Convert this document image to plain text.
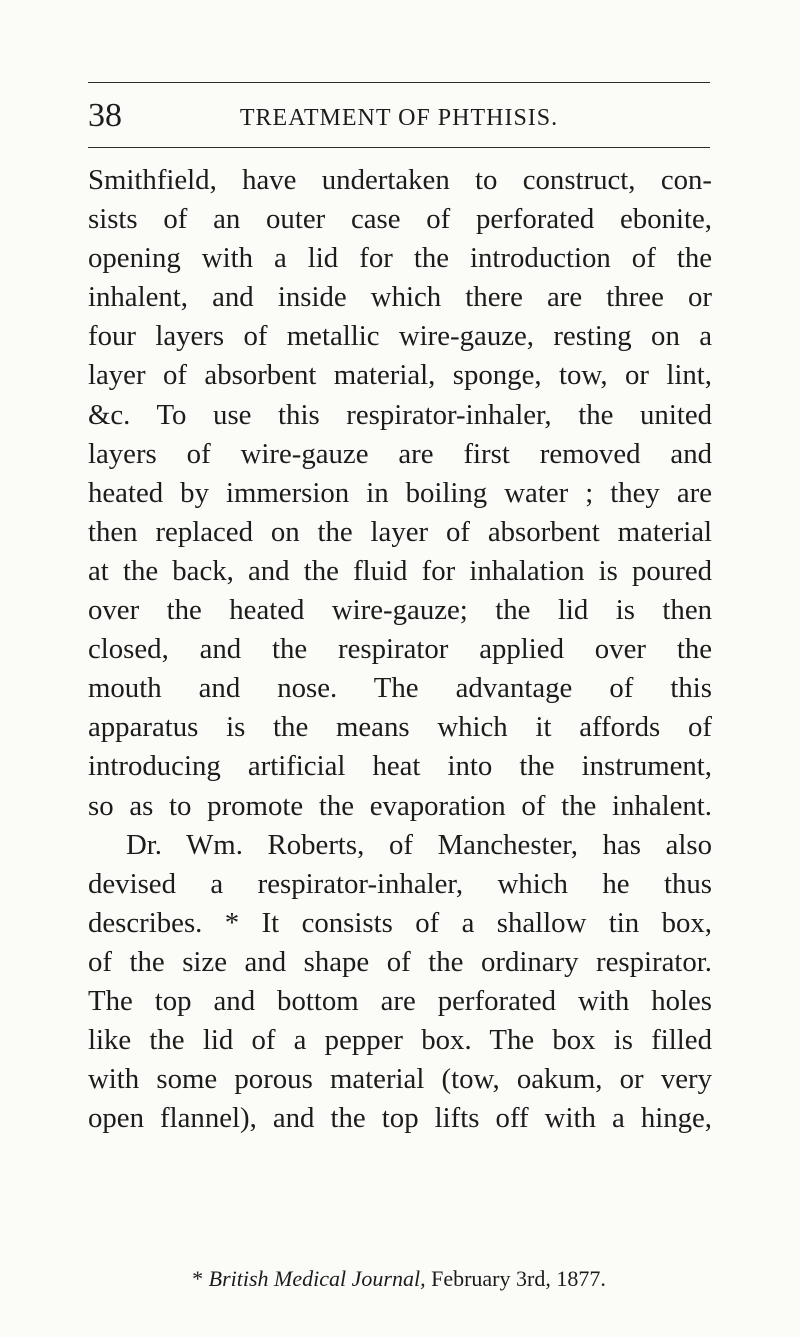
38	TREATMENT OF PHTHISIS.
Smithfield, have undertaken to construct, con-
sists of an outer case of perforated ebonite,
opening with a lid for the introduction of the
inhalent, and inside which there are three or
four layers of metallic wire-gauze, resting on a
layer of absorbent material, sponge, tow, or lint,
&c. To use this respirator-inhaler, the united
layers of wire-gauze are first removed and
heated by immersion in boiling water ; they are
then replaced on the layer of absorbent material
at the back, and the fluid for inhalation is poured
over the heated wire-gauze; the lid is then
closed, and the respirator applied over the
mouth and nose. The advantage of this
apparatus is the means which it affords of
introducing artificial heat into the instrument,
so as to promote the evaporation of the inhalent.
Dr. Wm. Roberts, of Manchester, has also
devised a respirator-inhaler, which he thus
describes. * It consists of a shallow tin box,
of the size and shape of the ordinary respirator.
The top and bottom are perforated with holes
like the lid of a pepper box. The box is filled
with some porous material (tow, oakum, or very
open flannel), and the top lifts off with a hinge,
* British Medical Journal, February 3rd, 1877.
